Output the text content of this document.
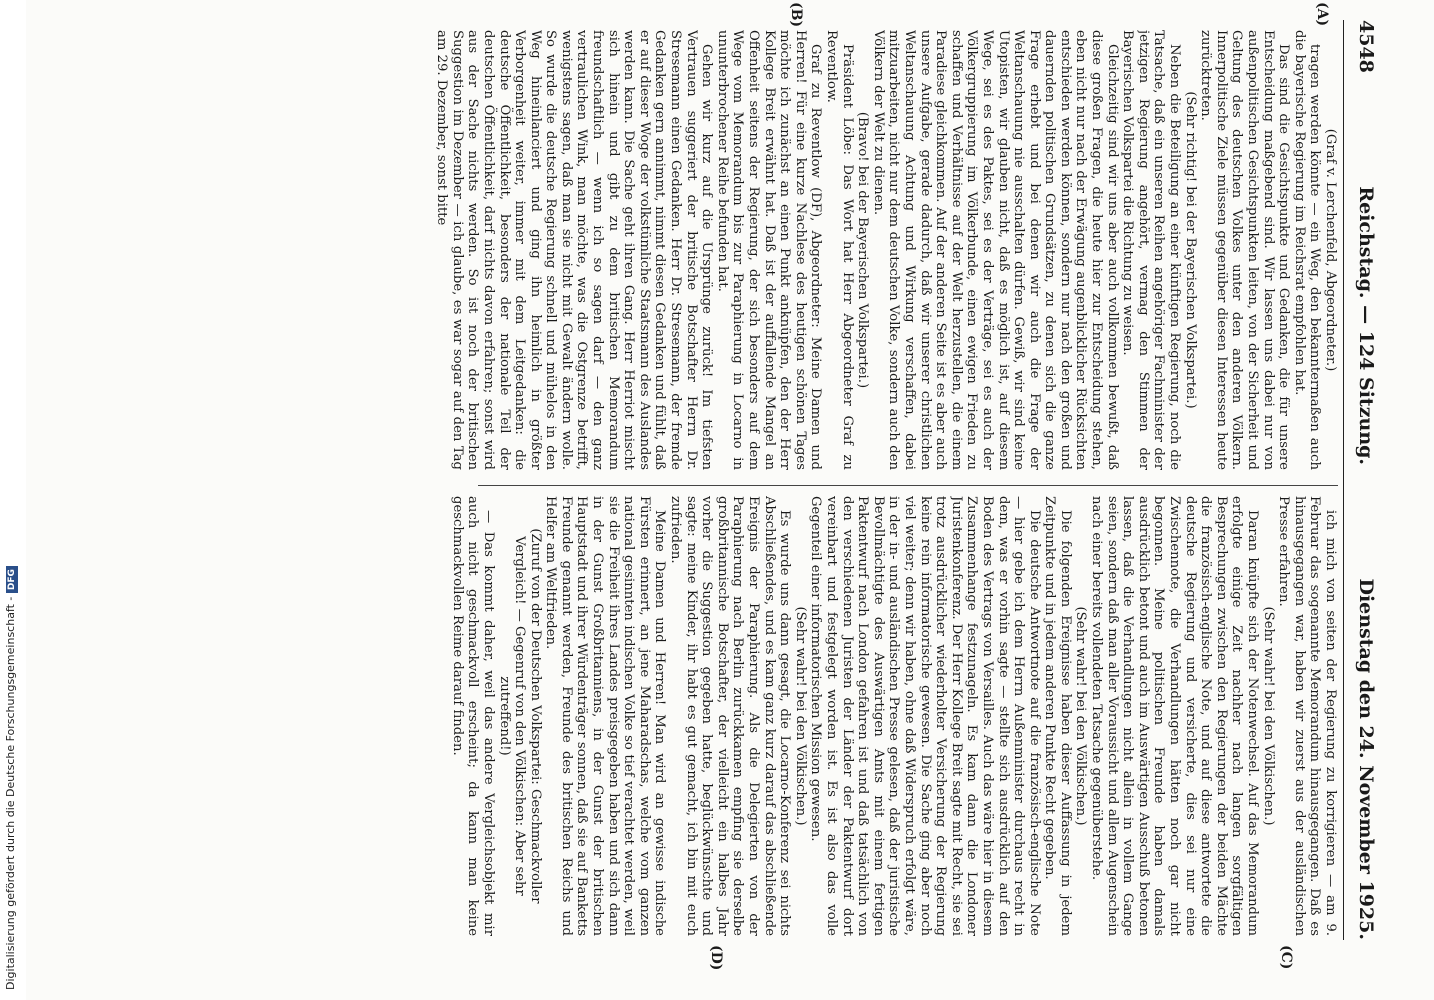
Digitalisierung gefördert durch die Deutsche Forschungsgemeinschaft - DFG
4548
Reichstag. — 124 Sitzung.
Dienstag den 24. November 1925.
(A)
(B)
(C)
(D)

(Graf v. Lerchenfeld, Abgeordneter.)

tragen werden könnte — ein Weg, den bekanntermaßen auch die bayerische Regierung im Reichsrat empfohlen hat.

Das sind die Gesichtspunkte und Gedanken, die für unsere Entscheidung maßgebend sind. Wir lassen uns dabei nur von außenpolitischen Gesichtspunkten leiten, von der Sicherheit und Geltung des deutschen Volkes unter den anderen Völkern. Innerpolitische Ziele müssen gegenüber diesen Interessen heute zurücktreten.

(Sehr richtig! bei der Bayerischen Volkspartei.)

Neben die Beteiligung an einer künftigen Regierung, noch die Tatsache, daß ein unseren Reihen angehöriger Fachminister der jetzigen Regierung angehört, vermag den Stimmen der Bayerischen Volkspartei die Richtung zu weisen.

Gleichzeitig sind wir uns aber auch vollkommen bewußt, daß diese großen Fragen, die heute hier zur Entscheidung stehen, eben nicht nur nach der Erwägung augenblicklicher Rücksichten entschieden werden können, sondern nur nach den großen und dauernden politischen Grundsätzen, zu denen sich die ganze Frage erhebt und bei denen wir auch die Frage der Weltanschauung nie ausschalten dürfen. Gewiß, wir sind keine Utopisten, wir glauben nicht, daß es möglich ist, auf diesem Wege, sei es des Paktes, sei es der Verträge, sei es auch der Völkergruppierung im Völkerbunde, einen ewigen Frieden zu schaffen und Verhältnisse auf der Welt herzustellen, die einem Paradiese gleichkommen. Auf der anderen Seite ist es aber auch unsere Aufgabe, gerade dadurch, daß wir unserer christlichen Weltanschauung Achtung und Wirkung verschaffen, dabei mitzuarbeiten, nicht nur dem deutschen Volke, sondern auch den Völkern der Welt zu dienen.

(Bravo! bei der Bayerischen Volkspartei.)

Präsident Löbe: Das Wort hat Herr Abgeordneter Graf zu Reventlow.

Graf zu Reventlow (DF), Abgeordneter: Meine Damen und Herren! Für eine kurze Nachlese des heutigen schönen Tages möchte ich zunächst an einen Punkt anknüpfen, den der Herr Kollege Breit erwähnt hat. Daß ist der auffallende Mangel an Offenheit seitens der Regierung, der sich besonders auf dem Wege vom Memorandum bis zur Paraphierung in Locarno in ununterbrochener Reihe befunden hat.

Gehen wir kurz auf die Ursprünge zurück! Im tiefsten Vertrauen suggeriert der britische Botschafter Herrn Dr. Stresemann einen Gedanken. Herr Dr. Stresemann, der fremde Gedanken gern annimmt, nimmt diesen Gedanken und fühlt, daß er auf dieser Woge der volkstümliche Staatsmann des Auslandes werden kann. Die Sache geht ihren Gang. Herr Herriot mischt sich hinein und gibt zu dem britischen Memorandum freundschaftlich — wenn ich so sagen darf — den ganz vertraulichen Wink, man möchte, was die Ostgrenze betrifft, wenigstens sagen, daß man sie nicht mit Gewalt ändern wolle. So wurde die deutsche Regierung schnell und mühelos in den Weg hineinlanciert und ging ihn heimlich in größter Verborgenheit weiter, immer mit dem Leitgedanken: die deutsche Öffentlichkeit, besonders der nationale Teil der deutschen Öffentlichkeit, darf nichts davon erfahren; sonst wird aus der Sache nichts werden. So ist noch der britischen Suggestion im Dezember — ich glaube, es war sogar auf den Tag am 29. Dezember, sonst bitte

ich mich von seiten der Regierung zu korrigieren — am 9. Februar das sogenannte Memorandum hinausgegangen. Daß es hinausgegangen war, haben wir zuerst aus der ausländischen Presse erfahren.

(Sehr wahr! bei den Völkischen.)

Daran knüpfte sich der Notenwechsel. Auf das Memorandum erfolgte einige Zeit nachher nach langen sorgfältigen Besprechungen zwischen den Regierungen der beiden Mächte die französisch-englische Note, und auf diese antwortete die deutsche Regierung und versicherte, dies sei nur eine Zwischennote, die Verhandlungen hätten noch gar nicht begonnen. Meine politischen Freunde haben damals ausdrücklich betont und auch im Auswärtigen Ausschuß betonen lassen, daß die Verhandlungen nicht allein in vollem Gange seien, sondern daß man aller Voraussicht und allem Augenschein nach einer bereits vollendeten Tatsache gegenüberstehe.

(Sehr wahr! bei den Völkischen.)

Die folgenden Ereignisse haben dieser Auffassung in jedem Zeitpunkte und in jedem anderen Punkte Recht gegeben.

Die deutsche Antwortnote auf die französisch-englische Note — hier gebe ich dem Herrn Außenminister durchaus recht in dem, was er vorhin sagte — stellte sich ausdrücklich auf den Boden des Vertrags von Versailles. Auch das wäre hier in diesem Zusammenhange festzunageln. Es kam dann die Londoner Juristenkonferenz. Der Herr Kollege Breit sagte mit Recht, sie sei trotz ausdrücklicher wiederholter Versicherung der Regierung keine rein informatorische gewesen. Die Sache ging aber noch viel weiter; denn wir haben, ohne daß Widerspruch erfolgt wäre, in der in- und ausländischen Presse gelesen, daß der juristische Bevollmächtigte des Auswärtigen Amts mit einem fertigen Paktentwurf nach London gefahren ist und daß tatsächlich von den verschiedenen Juristen der Länder der Paktentwurf dort vereinbart und festgelegt worden ist. Es ist also das volle Gegenteil einer informatorischen Mission gewesen.

(Sehr wahr! bei den Völkischen.)

Es wurde uns dann gesagt, die Locarno-Konferenz sei nichts Abschließendes, und es kam ganz kurz darauf das abschließende Ereignis der Paraphierung. Als die Delegierten von der Paraphierung nach Berlin zurückkamen empfing sie derselbe großbritannische Botschafter, der vielleicht ein halbes Jahr vorher die Suggestion gegeben hatte, beglückwünschte und sagte: meine Kinder, ihr habt es gut gemacht, ich bin mit euch zufrieden.

Meine Damen und Herren! Man wird an gewisse indische Fürsten erinnert, an jene Maharadschas, welche vom ganzen national gesinnten indischen Volke so tief verachtet werden, weil sie die Freiheit ihres Landes preisgegeben haben und sich dann in der Gunst Großbritanniens, in der Gunst der britischen Hauptstadt und ihrer Würdenträger sonnen, daß sie auf Banketts Freunde genannt werden, Freunde des britischen Reichs und Helfer am Weltfrieden.

(Zuruf von der Deutschen Volkspartei: Geschmackvoller Vergleich! — Gegenruf von den Völkischen: Aber sehr zutreffend!)

— Das kommt daher, weil das andere Vergleichsobjekt mir auch nicht geschmackvoll erscheint; da kann man keine geschmackvollen Reime darauf finden.
